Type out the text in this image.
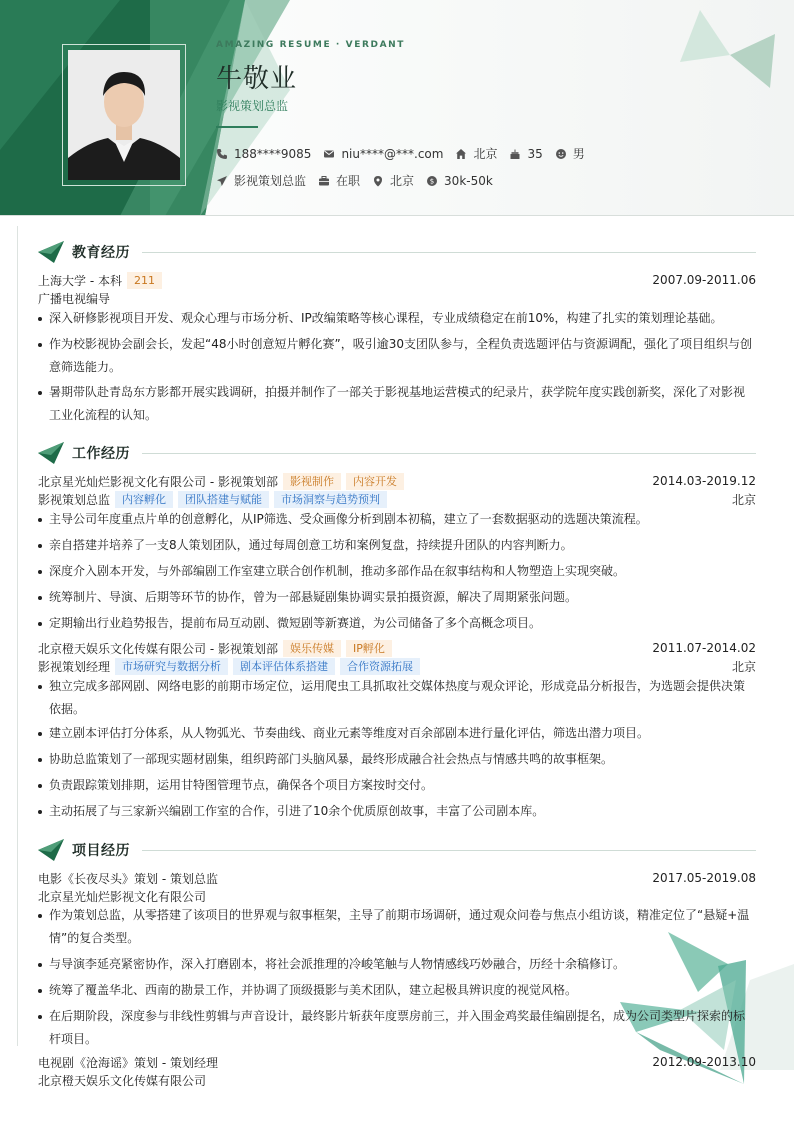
AMAZING RESUME · VERDANT
牛敬业
影视策划总监
188****9085	niu****@***.com	北京	35	男
影视策划总监	在职	北京 $ 30k-50k
教育经历
上海大学 - 本科	211	2007.09-2011.06
广播电视编导
深入研修影视项目开发、观众心理与市场分析、IP改编策略等核心课程，专业成绩稳定在前10%，构建了扎实的策划理论基础。
作为校影视协会副会长，发起“48小时创意短片孵化赛”，吸引逾30支团队参与，全程负责选题评估与资源调配，强化了项目组织与创意筛选能力。
暑期带队赴青岛东方影都开展实践调研，拍摄并制作了一部关于影视基地运营模式的纪录片，获学院年度实践创新奖，深化了对影视工业化流程的认知。
工作经历
北京星光灿烂影视文化有限公司 - 影视策划部	影视制作	内容开发	2014.03-2019.12
影视策划总监	内容孵化	团队搭建与赋能	市场洞察与趋势预判	北京
主导公司年度重点片单的创意孵化，从IP筛选、受众画像分析到剧本初稿，建立了一套数据驱动的选题决策流程。
亲自搭建并培养了一支8人策划团队，通过每周创意工坊和案例复盘，持续提升团队的内容判断力。
深度介入剧本开发，与外部编剧工作室建立联合创作机制，推动多部作品在叙事结构和人物塑造上实现突破。
统筹制片、导演、后期等环节的协作，曾为一部悬疑剧集协调实景拍摄资源，解决了周期紧张问题。
定期输出行业趋势报告，提前布局互动剧、微短剧等新赛道，为公司储备了多个高概念项目。
北京橙天娱乐文化传媒有限公司 - 影视策划部	娱乐传媒	IP孵化	2011.07-2014.02
影视策划经理	市场研究与数据分析	剧本评估体系搭建	合作资源拓展	北京
独立完成多部网剧、网络电影的前期市场定位，运用爬虫工具抓取社交媒体热度与观众评论，形成竞品分析报告，为选题会提供决策依据。
建立剧本评估打分体系，从人物弧光、节奏曲线、商业元素等维度对百余部剧本进行量化评估，筛选出潜力项目。
协助总监策划了一部现实题材剧集，组织跨部门头脑风暴，最终形成融合社会热点与情感共鸣的故事框架。
负责跟踪策划排期，运用甘特图管理节点，确保各个项目方案按时交付。
主动拓展了与三家新兴编剧工作室的合作，引进了10余个优质原创故事，丰富了公司剧本库。
项目经历
电影《长夜尽头》策划 - 策划总监	2017.05-2019.08
北京星光灿烂影视文化有限公司
作为策划总监，从零搭建了该项目的世界观与叙事框架，主导了前期市场调研，通过观众问卷与焦点小组访谈，精准定位了“悬疑+温情”的复合类型。
与导演李延亮紧密协作，深入打磨剧本，将社会派推理的冷峻笔触与人物情感线巧妙融合，历经十余稿修订。
统筹了覆盖华北、西南的勘景工作，并协调了顶级摄影与美术团队，建立起极具辨识度的视觉风格。
在后期阶段，深度参与非线性剪辑与声音设计，最终影片斩获年度票房前三，并入围金鸡奖最佳编剧提名，成为公司类型片探索的标杆项目。
电视剧《沧海谣》策划 - 策划经理	2012.09-2013.10
北京橙天娱乐文化传媒有限公司
